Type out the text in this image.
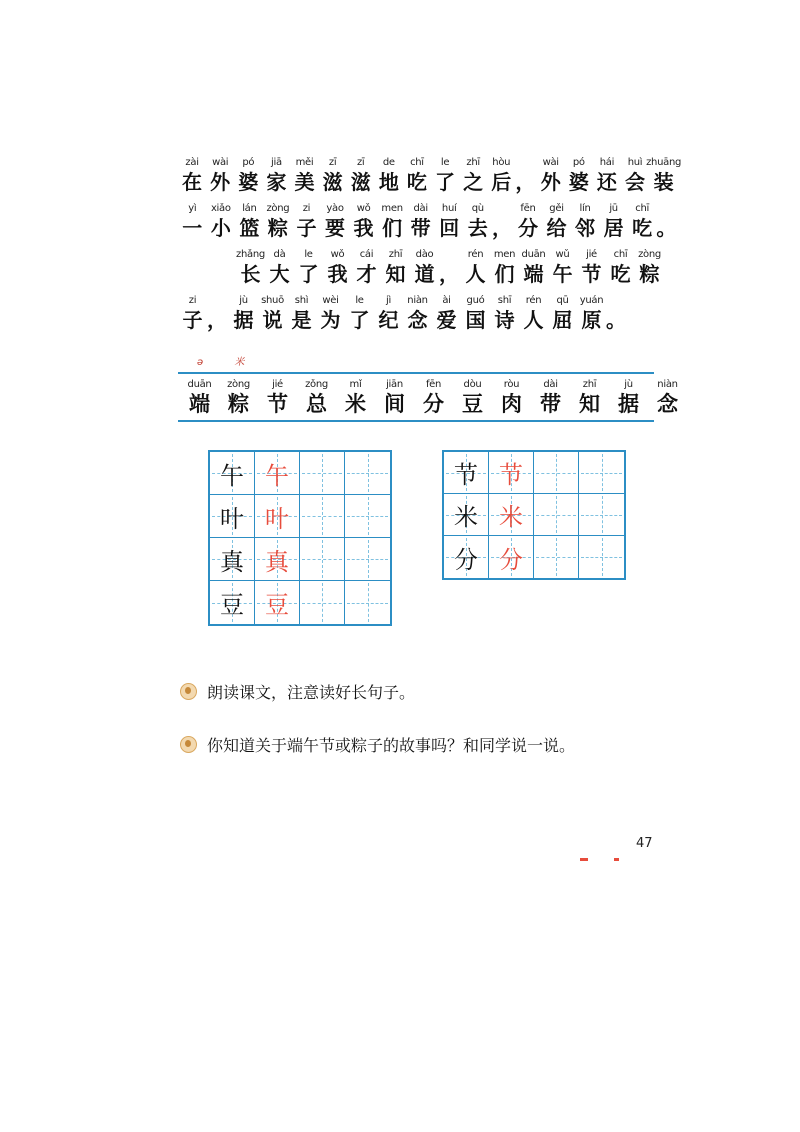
zài
在
wài
外
pó
婆
jiā
家
měi
美
zī
滋
zī
滋
de
地
chī
吃
le
了
zhī
之
hòu
后 ，
wài
外
pó
婆
hái
还
huì
会
zhuāng
装
yì
一
xiǎo
小
lán
篮
zòng
粽
zi
子
yào
要
wǒ
我
men
们
dài
带
huí
回
qù
去 ，
fēn
分
gěi
给
lín
邻
jū
居
chī
吃 。
zhǎng
长
dà
大
le
了
wǒ
我
cái
才
zhī
知
dào
道 ，
rén
人
men
们
duān
端
wǔ
午
jié
节
chī
吃
zòng
粽
zi
子 ，
jù
据
shuō
说
shì
是
wèi
为
le
了
jì
纪
niàn
念
ài
爱
guó
国
shī
诗
rén
人
qū
屈
yuán
原 。
ǝ 米
duān
端
zòng
粽
jié
节
zǒng
总
mǐ
米
jiān
间
fēn
分
dòu
豆
ròu
肉
dài
带
zhī
知
jù
据
niàn
念
午 午
叶 叶
真 真
豆 豆
节 节
米 米
分 分
朗读课文，注意读好长句子。
你知道关于端午节或粽子的故事吗？和同学说一说。
47
